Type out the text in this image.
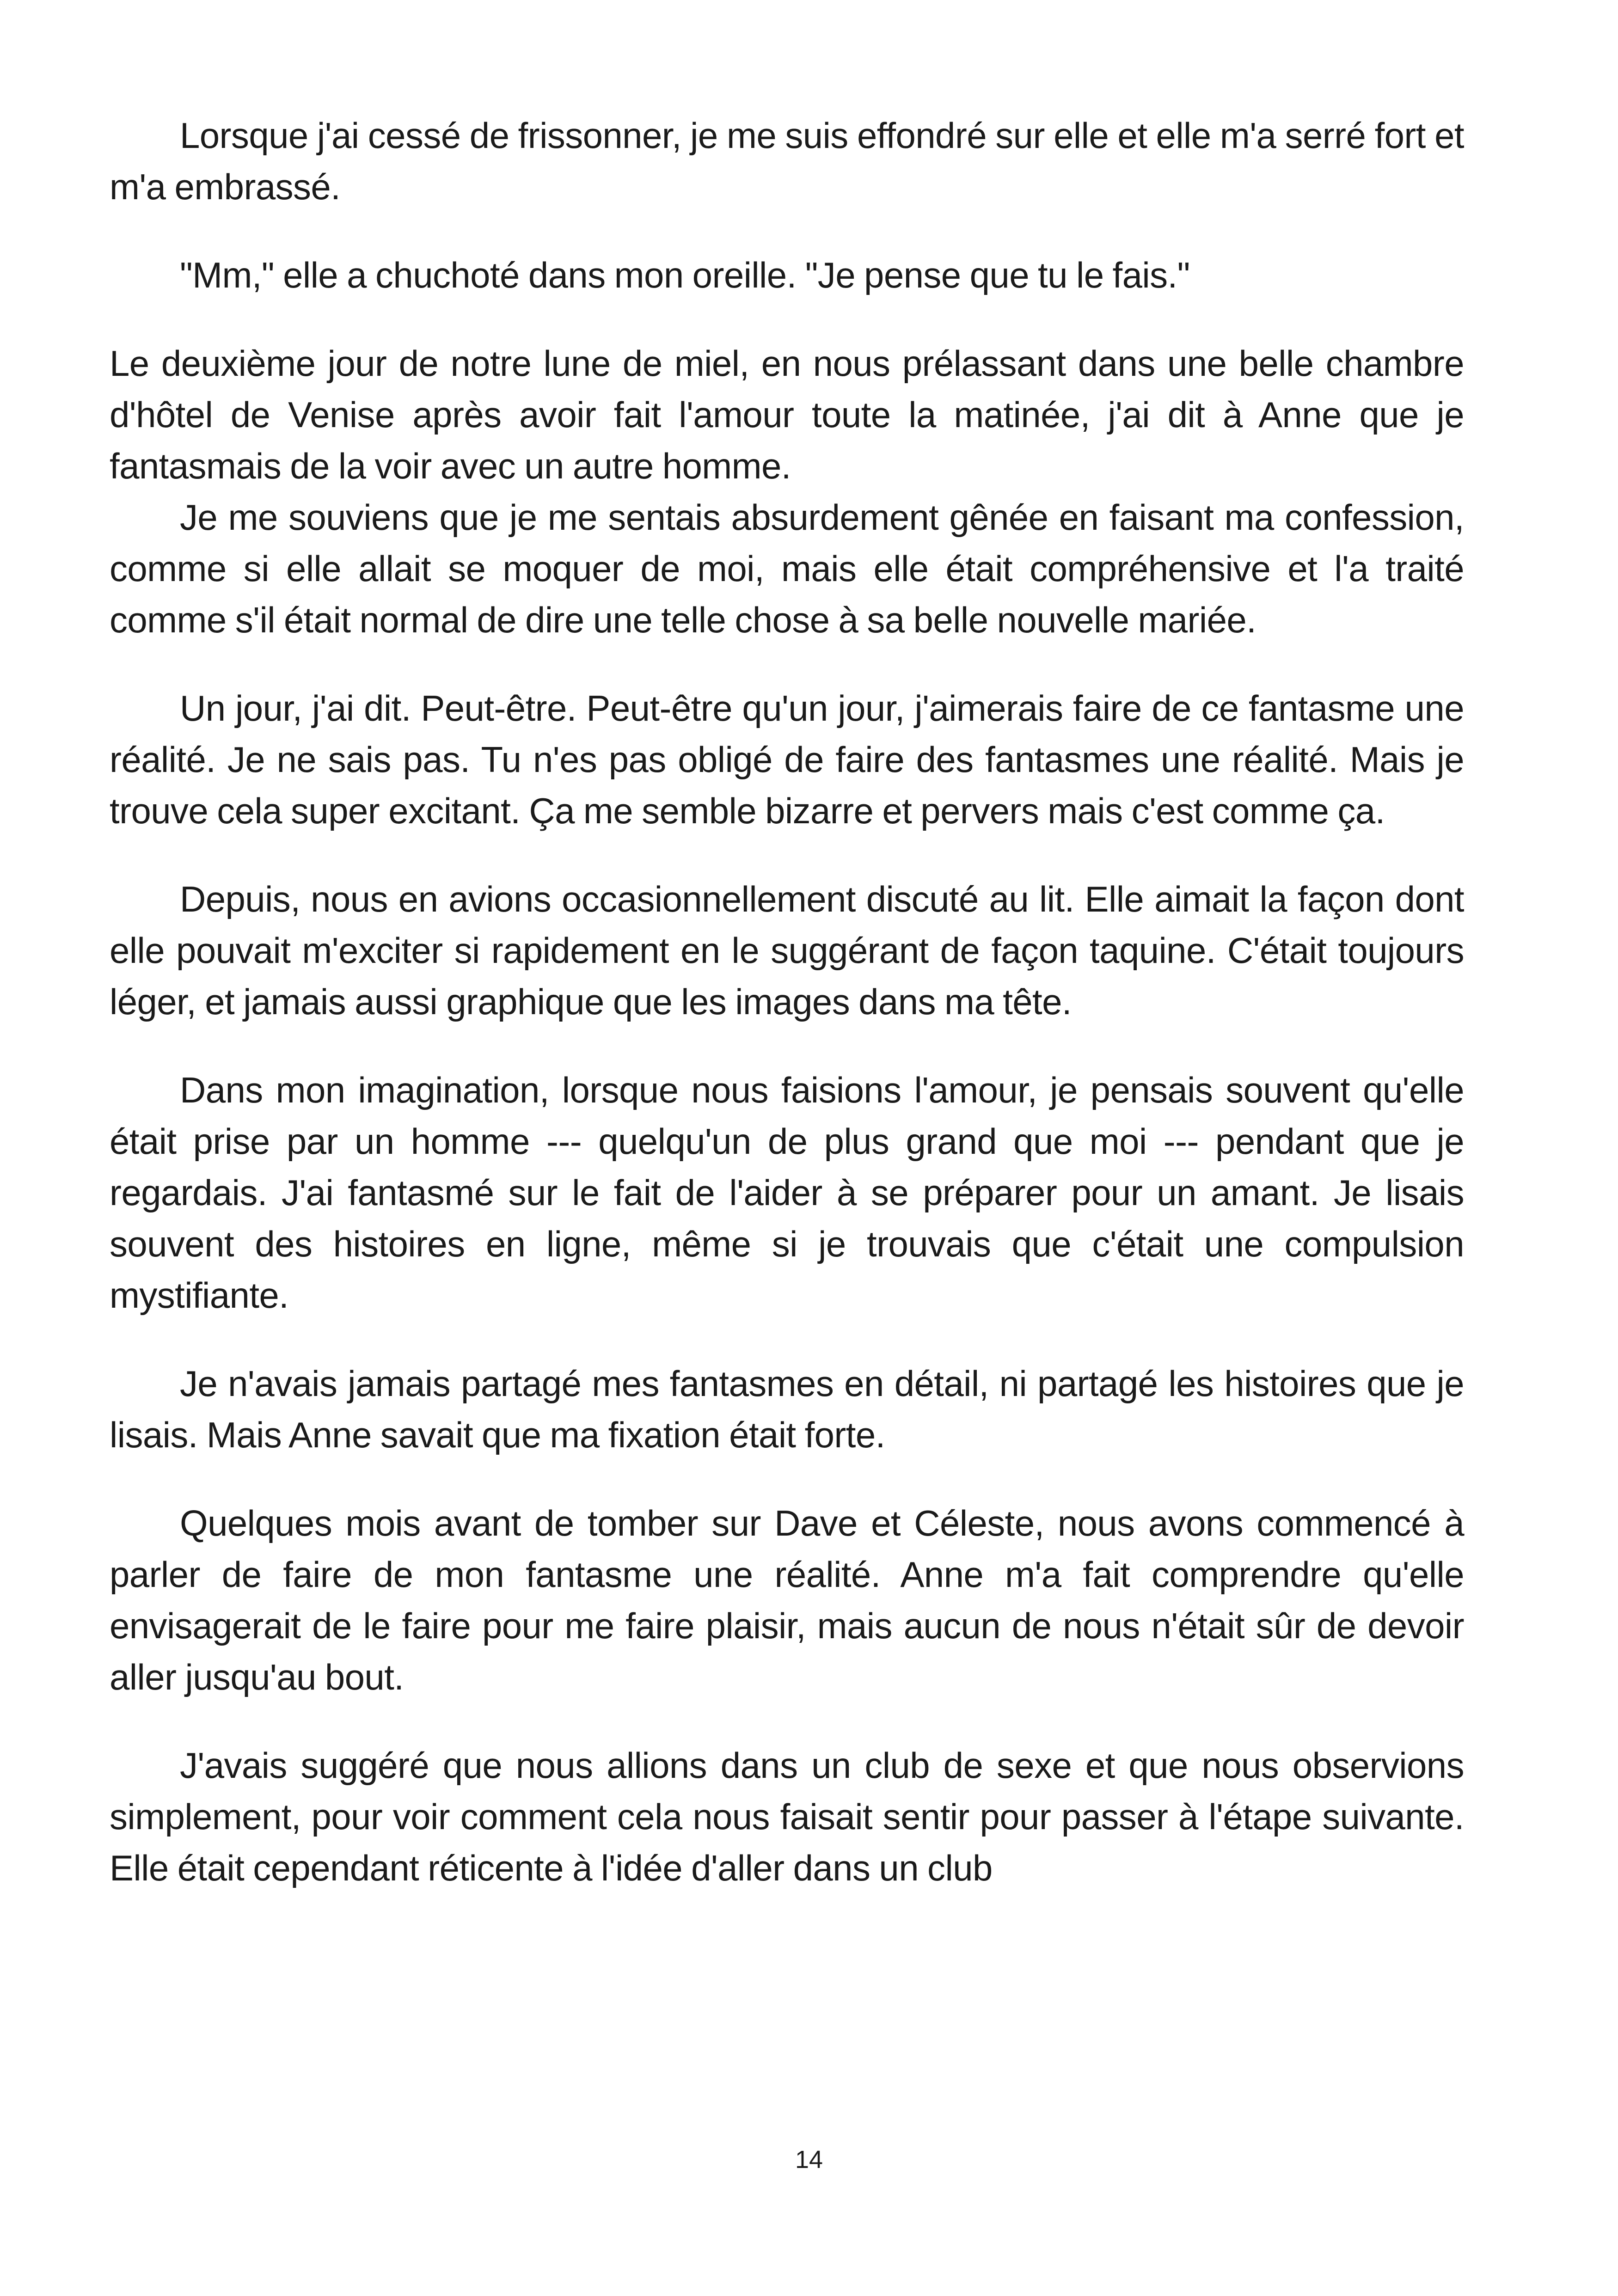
Lorsque j'ai cessé de frissonner, je me suis effondré sur elle et elle m'a serré fort et m'a embrassé.

"Mm," elle a chuchoté dans mon oreille. "Je pense que tu le fais."

Le deuxième jour de notre lune de miel, en nous prélassant dans une belle chambre d'hôtel de Venise après avoir fait l'amour toute la matinée, j'ai dit à Anne que je fantasmais de la voir avec un autre homme.

Je me souviens que je me sentais absurdement gênée en faisant ma confession, comme si elle allait se moquer de moi, mais elle était compréhensive et l'a traité comme s'il était normal de dire une telle chose à sa belle nouvelle mariée.

Un jour, j'ai dit. Peut-être. Peut-être qu'un jour, j'aimerais faire de ce fantasme une réalité. Je ne sais pas. Tu n'es pas obligé de faire des fantasmes une réalité. Mais je trouve cela super excitant. Ça me semble bizarre et pervers mais c'est comme ça.

Depuis, nous en avions occasionnellement discuté au lit. Elle aimait la façon dont elle pouvait m'exciter si rapidement en le suggérant de façon taquine. C'était toujours léger, et jamais aussi graphique que les images dans ma tête.

Dans mon imagination, lorsque nous faisions l'amour, je pensais souvent qu'elle était prise par un homme --- quelqu'un de plus grand que moi --- pendant que je regardais. J'ai fantasmé sur le fait de l'aider à se préparer pour un amant. Je lisais souvent des histoires en ligne, même si je trouvais que c'était une compulsion mystifiante.

Je n'avais jamais partagé mes fantasmes en détail, ni partagé les histoires que je lisais. Mais Anne savait que ma fixation était forte.

Quelques mois avant de tomber sur Dave et Céleste, nous avons commencé à parler de faire de mon fantasme une réalité. Anne m'a fait comprendre qu'elle envisagerait de le faire pour me faire plaisir, mais aucun de nous n'était sûr de devoir aller jusqu'au bout.

J'avais suggéré que nous allions dans un club de sexe et que nous observions simplement, pour voir comment cela nous faisait sentir pour passer à l'étape suivante. Elle était cependant réticente à l'idée d'aller dans un club

14
